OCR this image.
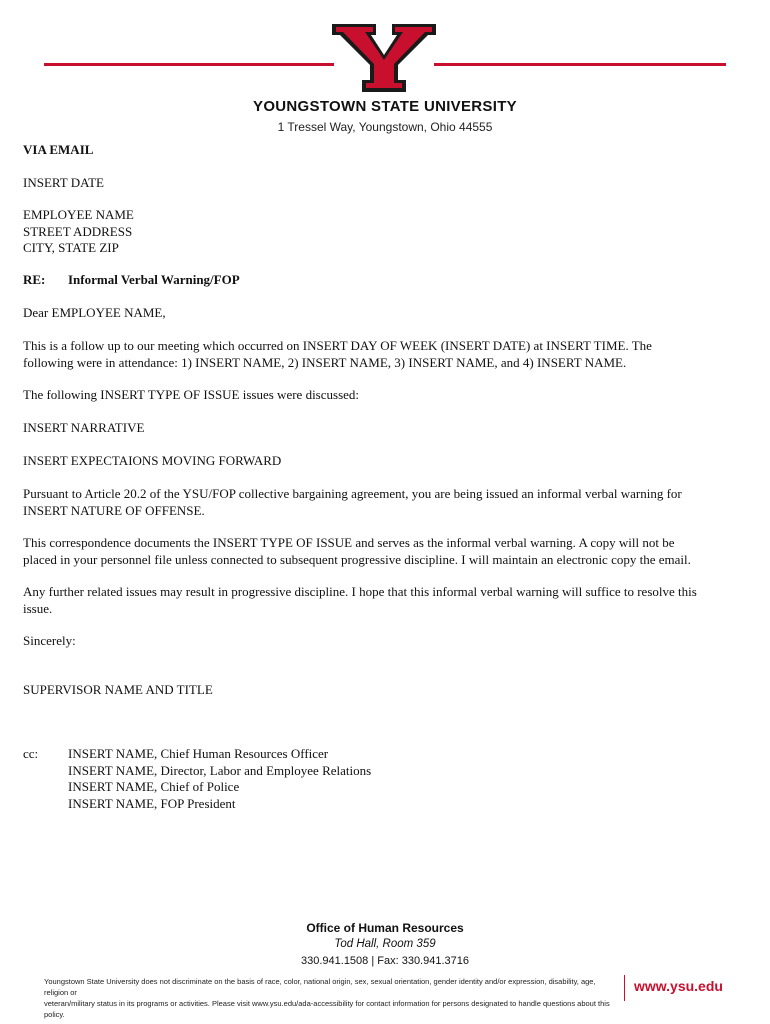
YOUNGSTOWN STATE UNIVERSITY
1 Tressel Way, Youngstown, Ohio 44555
VIA EMAIL
INSERT DATE
EMPLOYEE NAME
STREET ADDRESS
CITY, STATE ZIP
RE: Informal Verbal Warning/FOP
Dear EMPLOYEE NAME,
This is a follow up to our meeting which occurred on INSERT DAY OF WEEK (INSERT DATE) at INSERT TIME. The
following were in attendance: 1) INSERT NAME, 2) INSERT NAME, 3) INSERT NAME, and 4) INSERT NAME.
The following INSERT TYPE OF ISSUE issues were discussed:
INSERT NARRATIVE
INSERT EXPECTAIONS MOVING FORWARD
Pursuant to Article 20.2 of the YSU/FOP collective bargaining agreement, you are being issued an informal verbal warning for
INSERT NATURE OF OFFENSE.
This correspondence documents the INSERT TYPE OF ISSUE and serves as the informal verbal warning. A copy will not be
placed in your personnel file unless connected to subsequent progressive discipline. I will maintain an electronic copy the email.
Any further related issues may result in progressive discipline. I hope that this informal verbal warning will suffice to resolve this
issue.
Sincerely:
SUPERVISOR NAME AND TITLE
cc: INSERT NAME, Chief Human Resources Officer
INSERT NAME, Director, Labor and Employee Relations
INSERT NAME, Chief of Police
INSERT NAME, FOP President
Office of Human Resources
Tod Hall, Room 359
330.941.1508 | Fax: 330.941.3716
Youngstown State University does not discriminate on the basis of race, color, national origin, sex, sexual orientation, gender identity and/or expression, disability, age, religion or
veteran/military status in its programs or activities. Please visit www.ysu.edu/ada-accessibility for contact information for persons designated to handle questions about this policy.
www.ysu.edu
